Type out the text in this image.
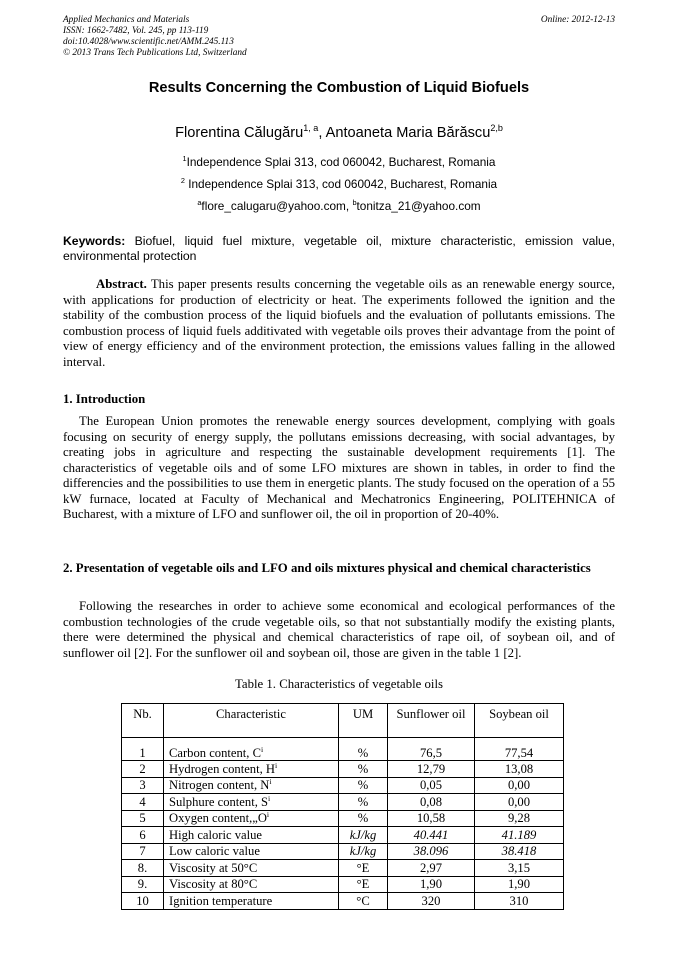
Applied Mechanics and Materials
ISSN: 1662-7482, Vol. 245, pp 113-119
doi:10.4028/www.scientific.net/AMM.245.113
© 2013 Trans Tech Publications Ltd, Switzerland
Online: 2012-12-13
Results Concerning the Combustion of Liquid Biofuels
Florentina Călugăru$^{1, a}$, Antoaneta Maria Bărăscu$^{2,b}$
$^1$Independence Splai 313, cod 060042, Bucharest, Romania
$^2$ Independence Splai 313, cod 060042, Bucharest, Romania
$^a$flore_calugaru@yahoo.com, $^b$tonitza_21@yahoo.com
Keywords: Biofuel, liquid fuel mixture, vegetable oil, mixture characteristic, emission value, environmental protection
Abstract. This paper presents results concerning the vegetable oils as an renewable energy source, with applications for production of electricity or heat. The experiments followed the ignition and the stability of the combustion process of the liquid biofuels and the evaluation of pollutants emissions. The combustion process of liquid fuels additivated with vegetable oils proves their advantage from the point of view of energy efficiency and of the environment protection, the emissions values falling in the allowed interval.
1. Introduction
The European Union promotes the renewable energy sources development, complying with goals focusing on security of energy supply, the pollutans emissions decreasing, with social advantages, by creating jobs in agriculture and respecting the sustainable development requirements [1]. The characteristics of vegetable oils and of some LFO mixtures are shown in tables, in order to find the differencies and the possibilities to use them in energetic plants. The study focused on the operation of a 55 kW furnace, located at Faculty of Mechanical and Mechatronics Engineering, POLITEHNICA of Bucharest, with a mixture of LFO and sunflower oil, the oil in proportion of 20-40%.
2. Presentation of vegetable oils and LFO and oils mixtures physical and chemical characteristics
Following the researches in order to achieve some economical and ecological performances of the combustion technologies of the crude vegetable oils, so that not substantially modify the existing plants, there were determined the physical and chemical characteristics of rape oil, of soybean oil, and of sunflower oil [2]. For the sunflower oil and soybean oil, those are given in the table 1 [2].
Table 1. Characteristics of vegetable oils
Nb.	Characteristic	UM	Sunflower oil	Soybean oil
1	Carbon content, $C^i$	%	76,5	77,54
2	Hydrogen content, $H^i$	%	12,79	13,08
3	Nitrogen content, $N^i$	%	0,05	0,00
4	Sulphure content, $S^i$	%	0,08	0,00
5	Oxygen $content,„O^i$	%	10,58	9,28
6	High caloric value	kJ/kg	40.441	41.189
7	Low caloric value	kJ/kg	38.096	38.418
8.	Viscosity at 50°C	°E	2,97	3,15
9.	Viscosity at 80°C	°E	1,90	1,90
10	Ignition temperature	°C	320	310
